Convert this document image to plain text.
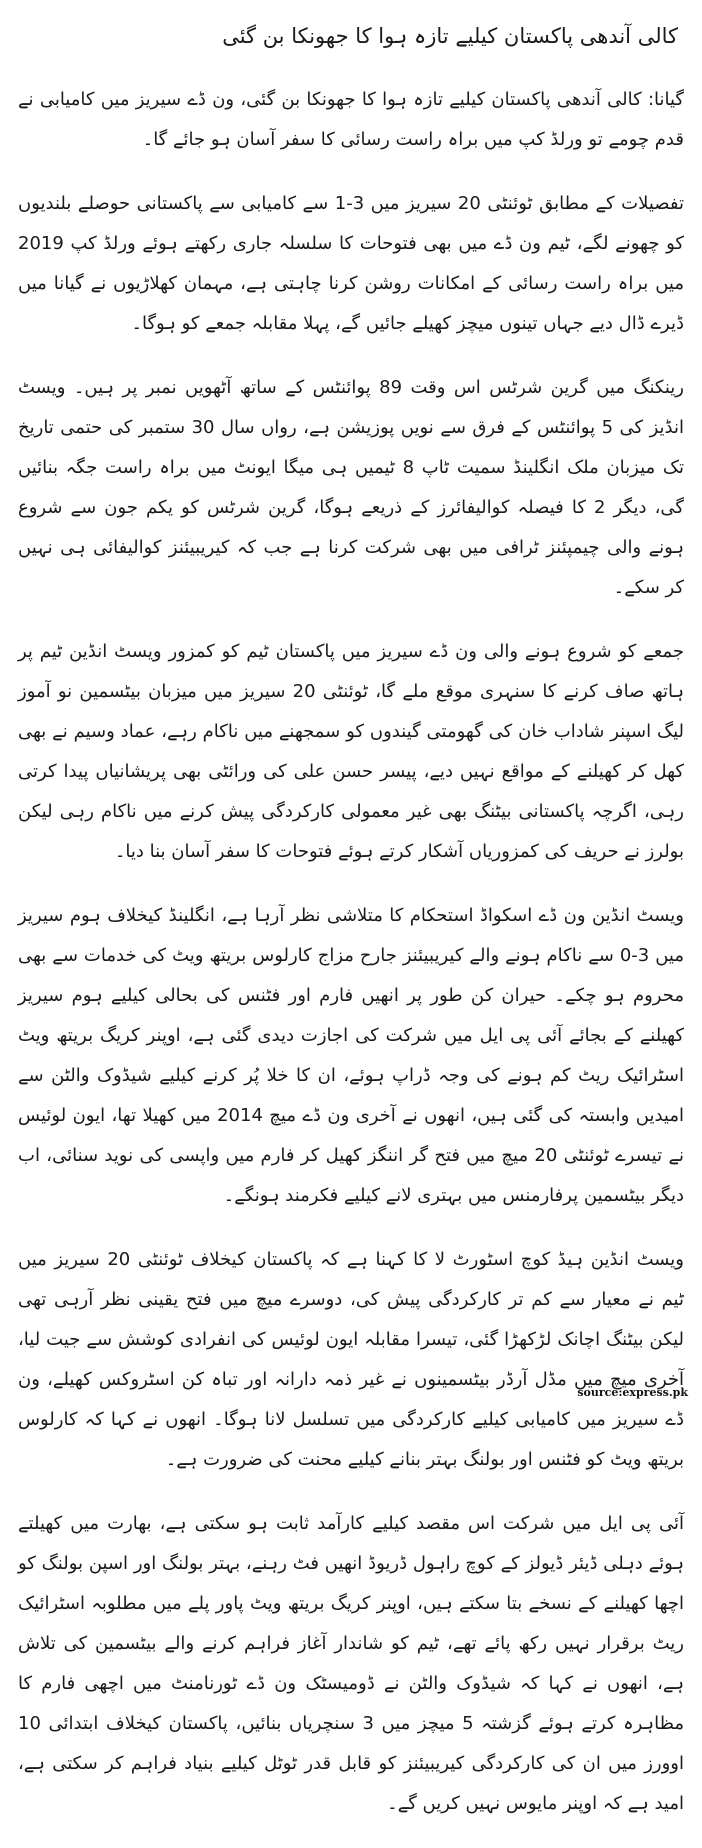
کالی آندھی پاکستان کیلیے تازہ ہوا کا جھونکا بن گئی

گیانا: کالی آندھی پاکستان کیلیے تازہ ہوا کا جھونکا بن گئی، ون ڈے سیریز میں کامیابی نے قدم چومے تو ورلڈ کپ میں براہ راست رسائی کا سفر آسان ہو جائے گا۔

تفصیلات کے مطابق ٹوئنٹی 20 سیریز میں 3-1 سے کامیابی سے پاکستانی حوصلے بلندیوں کو چھونے لگے، ٹیم ون ڈے میں بھی فتوحات کا سلسلہ جاری رکھتے ہوئے ورلڈ کپ 2019 میں براہ راست رسائی کے امکانات روشن کرنا چاہتی ہے، مہمان کھلاڑیوں نے گیانا میں ڈیرے ڈال دیے جہاں تینوں میچز کھیلے جائیں گے، پہلا مقابلہ جمعے کو ہوگا۔

رینکنگ میں گرین شرٹس اس وقت 89 پوائنٹس کے ساتھ آٹھویں نمبر پر ہیں۔ ویسٹ انڈیز کی 5 پوائنٹس کے فرق سے نویں پوزیشن ہے، رواں سال 30 ستمبر کی حتمی تاریخ تک میزبان ملک انگلینڈ سمیت ٹاپ 8 ٹیمیں ہی میگا ایونٹ میں براہ راست جگہ بنائیں گی، دیگر 2 کا فیصلہ کوالیفائرز کے ذریعے ہوگا، گرین شرٹس کو یکم جون سے شروع ہونے والی چیمپئنز ٹرافی میں بھی شرکت کرنا ہے جب کہ کیریبیئنز کوالیفائی ہی نہیں کر سکے۔

جمعے کو شروع ہونے والی ون ڈے سیریز میں پاکستان ٹیم کو کمزور ویسٹ انڈین ٹیم پر ہاتھ صاف کرنے کا سنہری موقع ملے گا، ٹوئنٹی 20 سیریز میں میزبان بیٹسمین نو آموز لیگ اسپنر شاداب خان کی گھومتی گیندوں کو سمجھنے میں ناکام رہے، عماد وسیم نے بھی کھل کر کھیلنے کے مواقع نہیں دیے، پیسر حسن علی کی ورائٹی بھی پریشانیاں پیدا کرتی رہی، اگرچہ پاکستانی بیٹنگ بھی غیر معمولی کارکردگی پیش کرنے میں ناکام رہی لیکن بولرز نے حریف کی کمزوریاں آشکار کرتے ہوئے فتوحات کا سفر آسان بنا دیا۔

ویسٹ انڈین ون ڈے اسکواڈ استحکام کا متلاشی نظر آرہا ہے، انگلینڈ کیخلاف ہوم سیریز میں 3-0 سے ناکام ہونے والے کیریبیئنز جارح مزاج کارلوس بریتھ ویٹ کی خدمات سے بھی محروم ہو چکے۔ حیران کن طور پر انھیں فارم اور فٹنس کی بحالی کیلیے ہوم سیریز کھیلنے کے بجائے آئی پی ایل میں شرکت کی اجازت دیدی گئی ہے، اوپنر کریگ بریتھ ویٹ اسٹرائیک ریٹ کم ہونے کی وجہ ڈراپ ہوئے، ان کا خلا پُر کرنے کیلیے شیڈوک والٹن سے امیدیں وابستہ کی گئی ہیں، انھوں نے آخری ون ڈے میچ 2014 میں کھیلا تھا، ایون لوئیس نے تیسرے ٹوئنٹی 20 میچ میں فتح گر اننگز کھیل کر فارم میں واپسی کی نوید سنائی، اب دیگر بیٹسمین پرفارمنس میں بہتری لانے کیلیے فکرمند ہونگے۔

ویسٹ انڈین ہیڈ کوچ اسٹورٹ لا کا کہنا ہے کہ پاکستان کیخلاف ٹوئنٹی 20 سیریز میں ٹیم نے معیار سے کم تر کارکردگی پیش کی، دوسرے میچ میں فتح یقینی نظر آرہی تھی لیکن بیٹنگ اچانک لڑکھڑا گئی، تیسرا مقابلہ ایون لوئیس کی انفرادی کوشش سے جیت لیا، آخری میچ میں مڈل آرڈر بیٹسمینوں نے غیر ذمہ دارانہ اور تباہ کن اسٹروکس کھیلے، ون ڈے سیریز میں کامیابی کیلیے کارکردگی میں تسلسل لانا ہوگا۔ انھوں نے کہا کہ کارلوس بریتھ ویٹ کو فٹنس اور بولنگ بہتر بنانے کیلیے محنت کی ضرورت ہے۔

آئی پی ایل میں شرکت اس مقصد کیلیے کارآمد ثابت ہو سکتی ہے، بھارت میں کھیلتے ہوئے دہلی ڈیئر ڈیولز کے کوچ راہول ڈریوڈ انھیں فٹ رہنے، بہتر بولنگ اور اسپن بولنگ کو اچھا کھیلنے کے نسخے بتا سکتے ہیں، اوپنر کریگ بریتھ ویٹ پاور پلے میں مطلوبہ اسٹرائیک ریٹ برقرار نہیں رکھ پائے تھے، ٹیم کو شاندار آغاز فراہم کرنے والے بیٹسمین کی تلاش ہے، انھوں نے کہا کہ شیڈوک والٹن نے ڈومیسٹک ون ڈے ٹورنامنٹ میں اچھی فارم کا مظاہرہ کرتے ہوئے گزشتہ 5 میچز میں 3 سنچریاں بنائیں، پاکستان کیخلاف ابتدائی 10 اوورز میں ان کی کارکردگی کیریبیئنز کو قابل قدر ٹوٹل کیلیے بنیاد فراہم کر سکتی ہے، امید ہے کہ اوپنر مایوس نہیں کریں گے۔

source:express.pk
